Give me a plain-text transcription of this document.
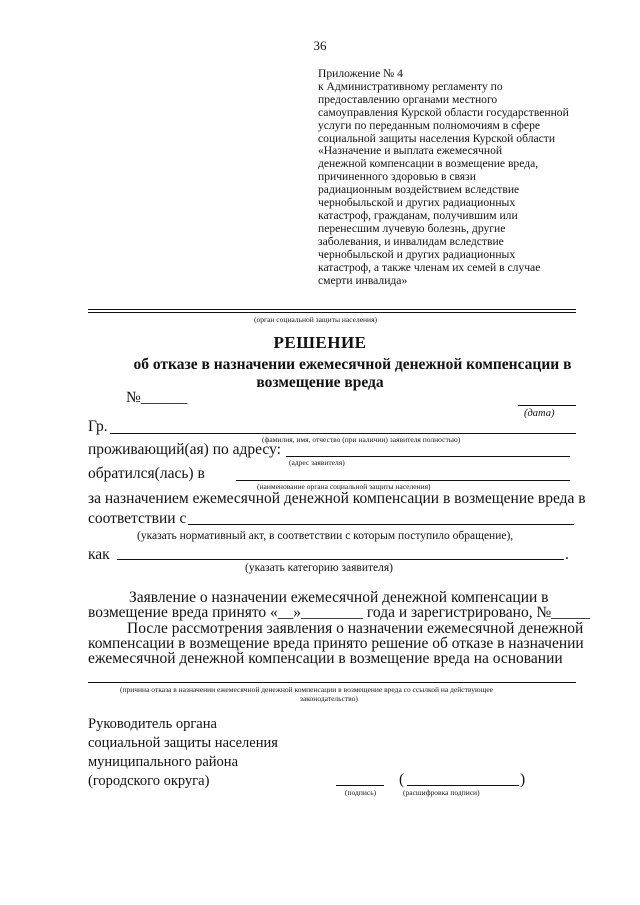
36
Приложение № 4
к Административному регламенту по
предоставлению органами местного
самоуправления Курской области государственной
услуги по переданным полномочиям в сфере
социальной защиты населения Курской области
«Назначение и выплата ежемесячной
денежной компенсации в возмещение вреда,
причиненного здоровью в связи
радиационным воздействием вследствие
чернобыльской и других радиационных
катастроф, гражданам, получившим или
перенесшим лучевую болезнь, другие
заболевания, и инвалидам вследствие
чернобыльской и других радиационных
катастроф, а также членам их семей в случае
смерти инвалида»
(орган социальной защиты населения)
РЕШЕНИЕ
об отказе в назначении ежемесячной денежной компенсации в
возмещение вреда
№______
(дата)
Гр.
(фамилия, имя, отчество (при наличии) заявителя полностью)
проживающий(ая) по адресу:
(адрес заявителя)
обратился(лась) в
(наименование органа социальной защиты населения)
за назначением ежемесячной денежной компенсации в возмещение вреда в
соответствии с
(указать нормативный акт, в соответствии с которым поступило обращение),
как	.
(указать категорию заявителя)
Заявление о назначении ежемесячной денежной компенсации в
возмещение вреда принято «__»________ года и зарегистрировано, №_____
После рассмотрения заявления о назначении ежемесячной денежной
компенсации в возмещение вреда принято решение об отказе в назначении
ежемесячной денежной компенсации в возмещение вреда на основании
(причина отказа в назначении ежемесячной денежной компенсации в возмещение вреда со ссылкой на действующее
законодательство)
Руководитель органа
социальной защиты населения
муниципального района
(городского округа)
(подпись)
(	)
(расшифровка подписи)
